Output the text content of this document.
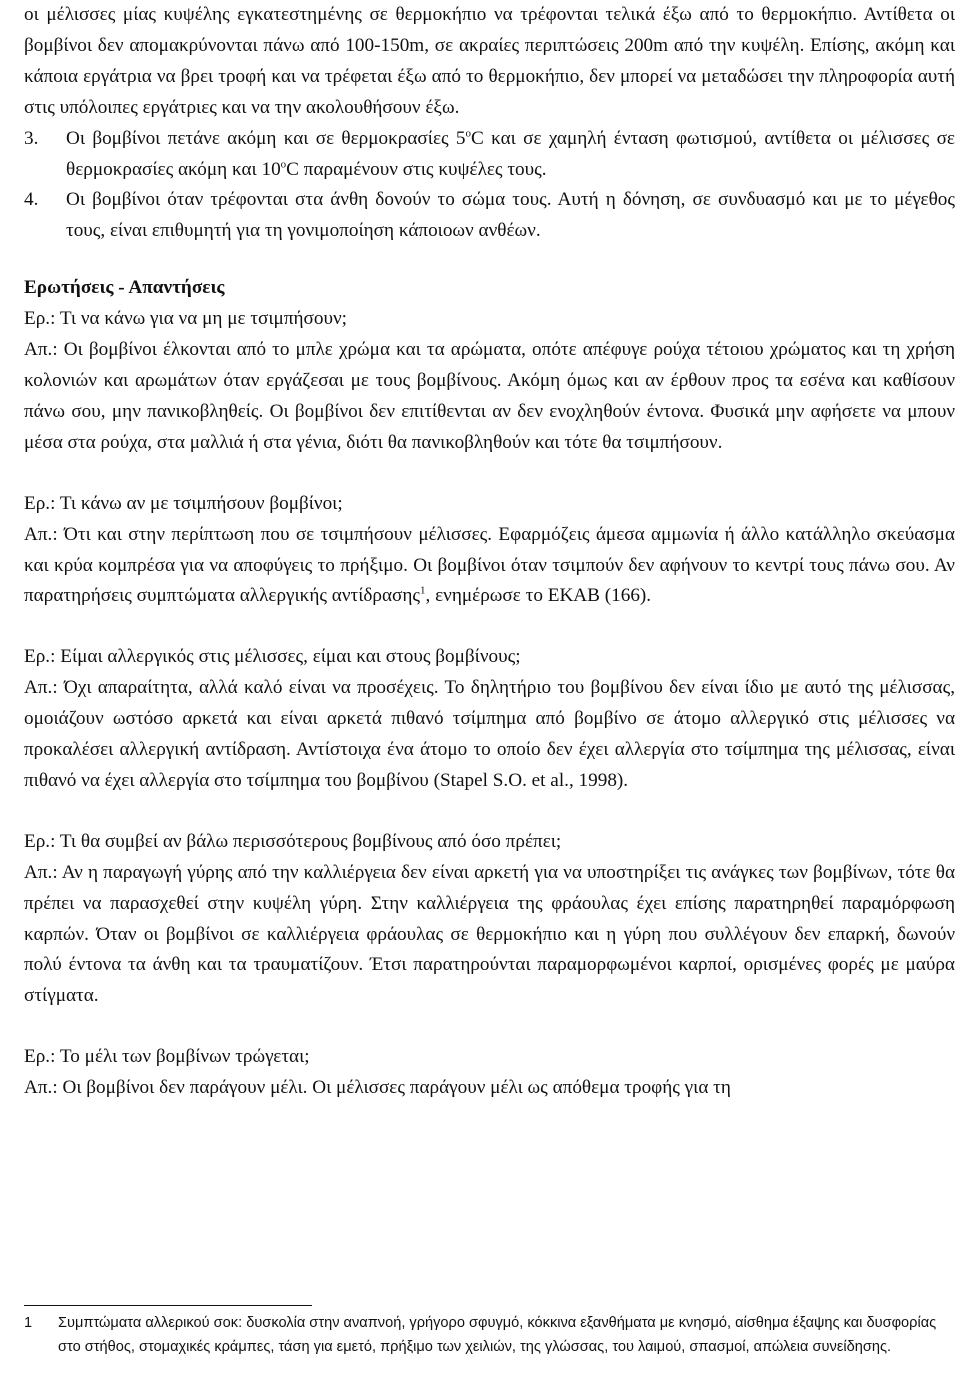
οι μέλισσες μίας κυψέλης εγκατεστημένης σε θερμοκήπιο να τρέφονται τελικά έξω από το θερμοκήπιο. Αντίθετα οι βομβίνοι δεν απομακρύνονται πάνω από 100-150m, σε ακραίες περιπτώσεις 200m από την κυψέλη. Επίσης, ακόμη και κάποια εργάτρια να βρει τροφή και να τρέφεται έξω από το θερμοκήπιο, δεν μπορεί να μεταδώσει την πληροφορία αυτή στις υπόλοιπες εργάτριες και να την ακολουθήσουν έξω.

3. Οι βομβίνοι πετάνε ακόμη και σε θερμοκρασίες $5^oC$ και σε χαμηλή ένταση φωτισμού, αντίθετα οι μέλισσες σε θερμοκρασίες ακόμη και $10^oC$ παραμένουν στις κυψέλες τους.

4. Οι βομβίνοι όταν τρέφονται στα άνθη δονούν το σώμα τους. Αυτή η δόνηση, σε συνδυασμό και με το μέγεθος τους, είναι επιθυμητή για τη γονιμοποίηση κάποιοων ανθέων.

Ερωτήσεις - Απαντήσεις

Ερ.: Τι να κάνω για να μη με τσιμπήσουν;

Απ.: Οι βομβίνοι έλκονται από το μπλε χρώμα και τα αρώματα, οπότε απέφυγε ρούχα τέτοιου χρώματος και τη χρήση κολονιών και αρωμάτων όταν εργάζεσαι με τους βομβίνους. Ακόμη όμως και αν έρθουν προς τα εσένα και καθίσουν πάνω σου, μην πανικοβληθείς. Οι βομβίνοι δεν επιτίθενται αν δεν ενοχληθούν έντονα. Φυσικά μην αφήσετε να μπουν μέσα στα ρούχα, στα μαλλιά ή στα γένια, διότι θα πανικοβληθούν και τότε θα τσιμπήσουν.

Ερ.: Τι κάνω αν με τσιμπήσουν βομβίνοι;

Απ.: Ότι και στην περίπτωση που σε τσιμπήσουν μέλισσες. Εφαρμόζεις άμεσα αμμωνία ή άλλο κατάλληλο σκεύασμα και κρύα κομπρέσα για να αποφύγεις το πρήξιμο. Οι βομβίνοι όταν τσιμπούν δεν αφήνουν το κεντρί τους πάνω σου. Αν παρατηρήσεις συμπτώματα αλλεργικής αντίδρασης$^1$, ενημέρωσε το ΕΚΑΒ (166).

Ερ.: Είμαι αλλεργικός στις μέλισσες, είμαι και στους βομβίνους;

Απ.: Όχι απαραίτητα, αλλά καλό είναι να προσέχεις. Το δηλητήριο του βομβίνου δεν είναι ίδιο με αυτό της μέλισσας, ομοιάζουν ωστόσο αρκετά και είναι αρκετά πιθανό τσίμπημα από βομβίνο σε άτομο αλλεργικό στις μέλισσες να προκαλέσει αλλεργική αντίδραση. Αντίστοιχα ένα άτομο το οποίο δεν έχει αλλεργία στο τσίμπημα της μέλισσας, είναι πιθανό να έχει αλλεργία στο τσίμπημα του βομβίνου (Stapel S.O. et al., 1998).

Ερ.: Τι θα συμβεί αν βάλω περισσότερους βομβίνους από όσο πρέπει;

Απ.: Αν η παραγωγή γύρης από την καλλιέργεια δεν είναι αρκετή για να υποστηρίξει τις ανάγκες των βομβίνων, τότε θα πρέπει να παρασχεθεί στην κυψέλη γύρη. Στην καλλιέργεια της φράουλας έχει επίσης παρατηρηθεί παραμόρφωση καρπών. Όταν οι βομβίνοι σε καλλιέργεια φράουλας σε θερμοκήπιο και η γύρη που συλλέγουν δεν επαρκή, δωνούν πολύ έντονα τα άνθη και τα τραυματίζουν. Έτσι παρατηρούνται παραμορφωμένοι καρποί, ορισμένες φορές με μαύρα στίγματα.

Ερ.: Το μέλι των βομβίνων τρώγεται;

Απ.: Οι βομβίνοι δεν παράγουν μέλι. Οι μέλισσες παράγουν μέλι ως απόθεμα τροφής για τη

1	Συμπτώματα αλλερικού σοκ: δυσκολία στην αναπνοή, γρήγορο σφυγμό, κόκκινα εξανθήματα με κνησμό, αίσθημα έξαψης και δυσφορίας στο στήθος, στομαχικές κράμπες, τάση για εμετό, πρήξιμο των χειλιών, της γλώσσας, του λαιμού, σπασμοί, απώλεια συνείδησης.
